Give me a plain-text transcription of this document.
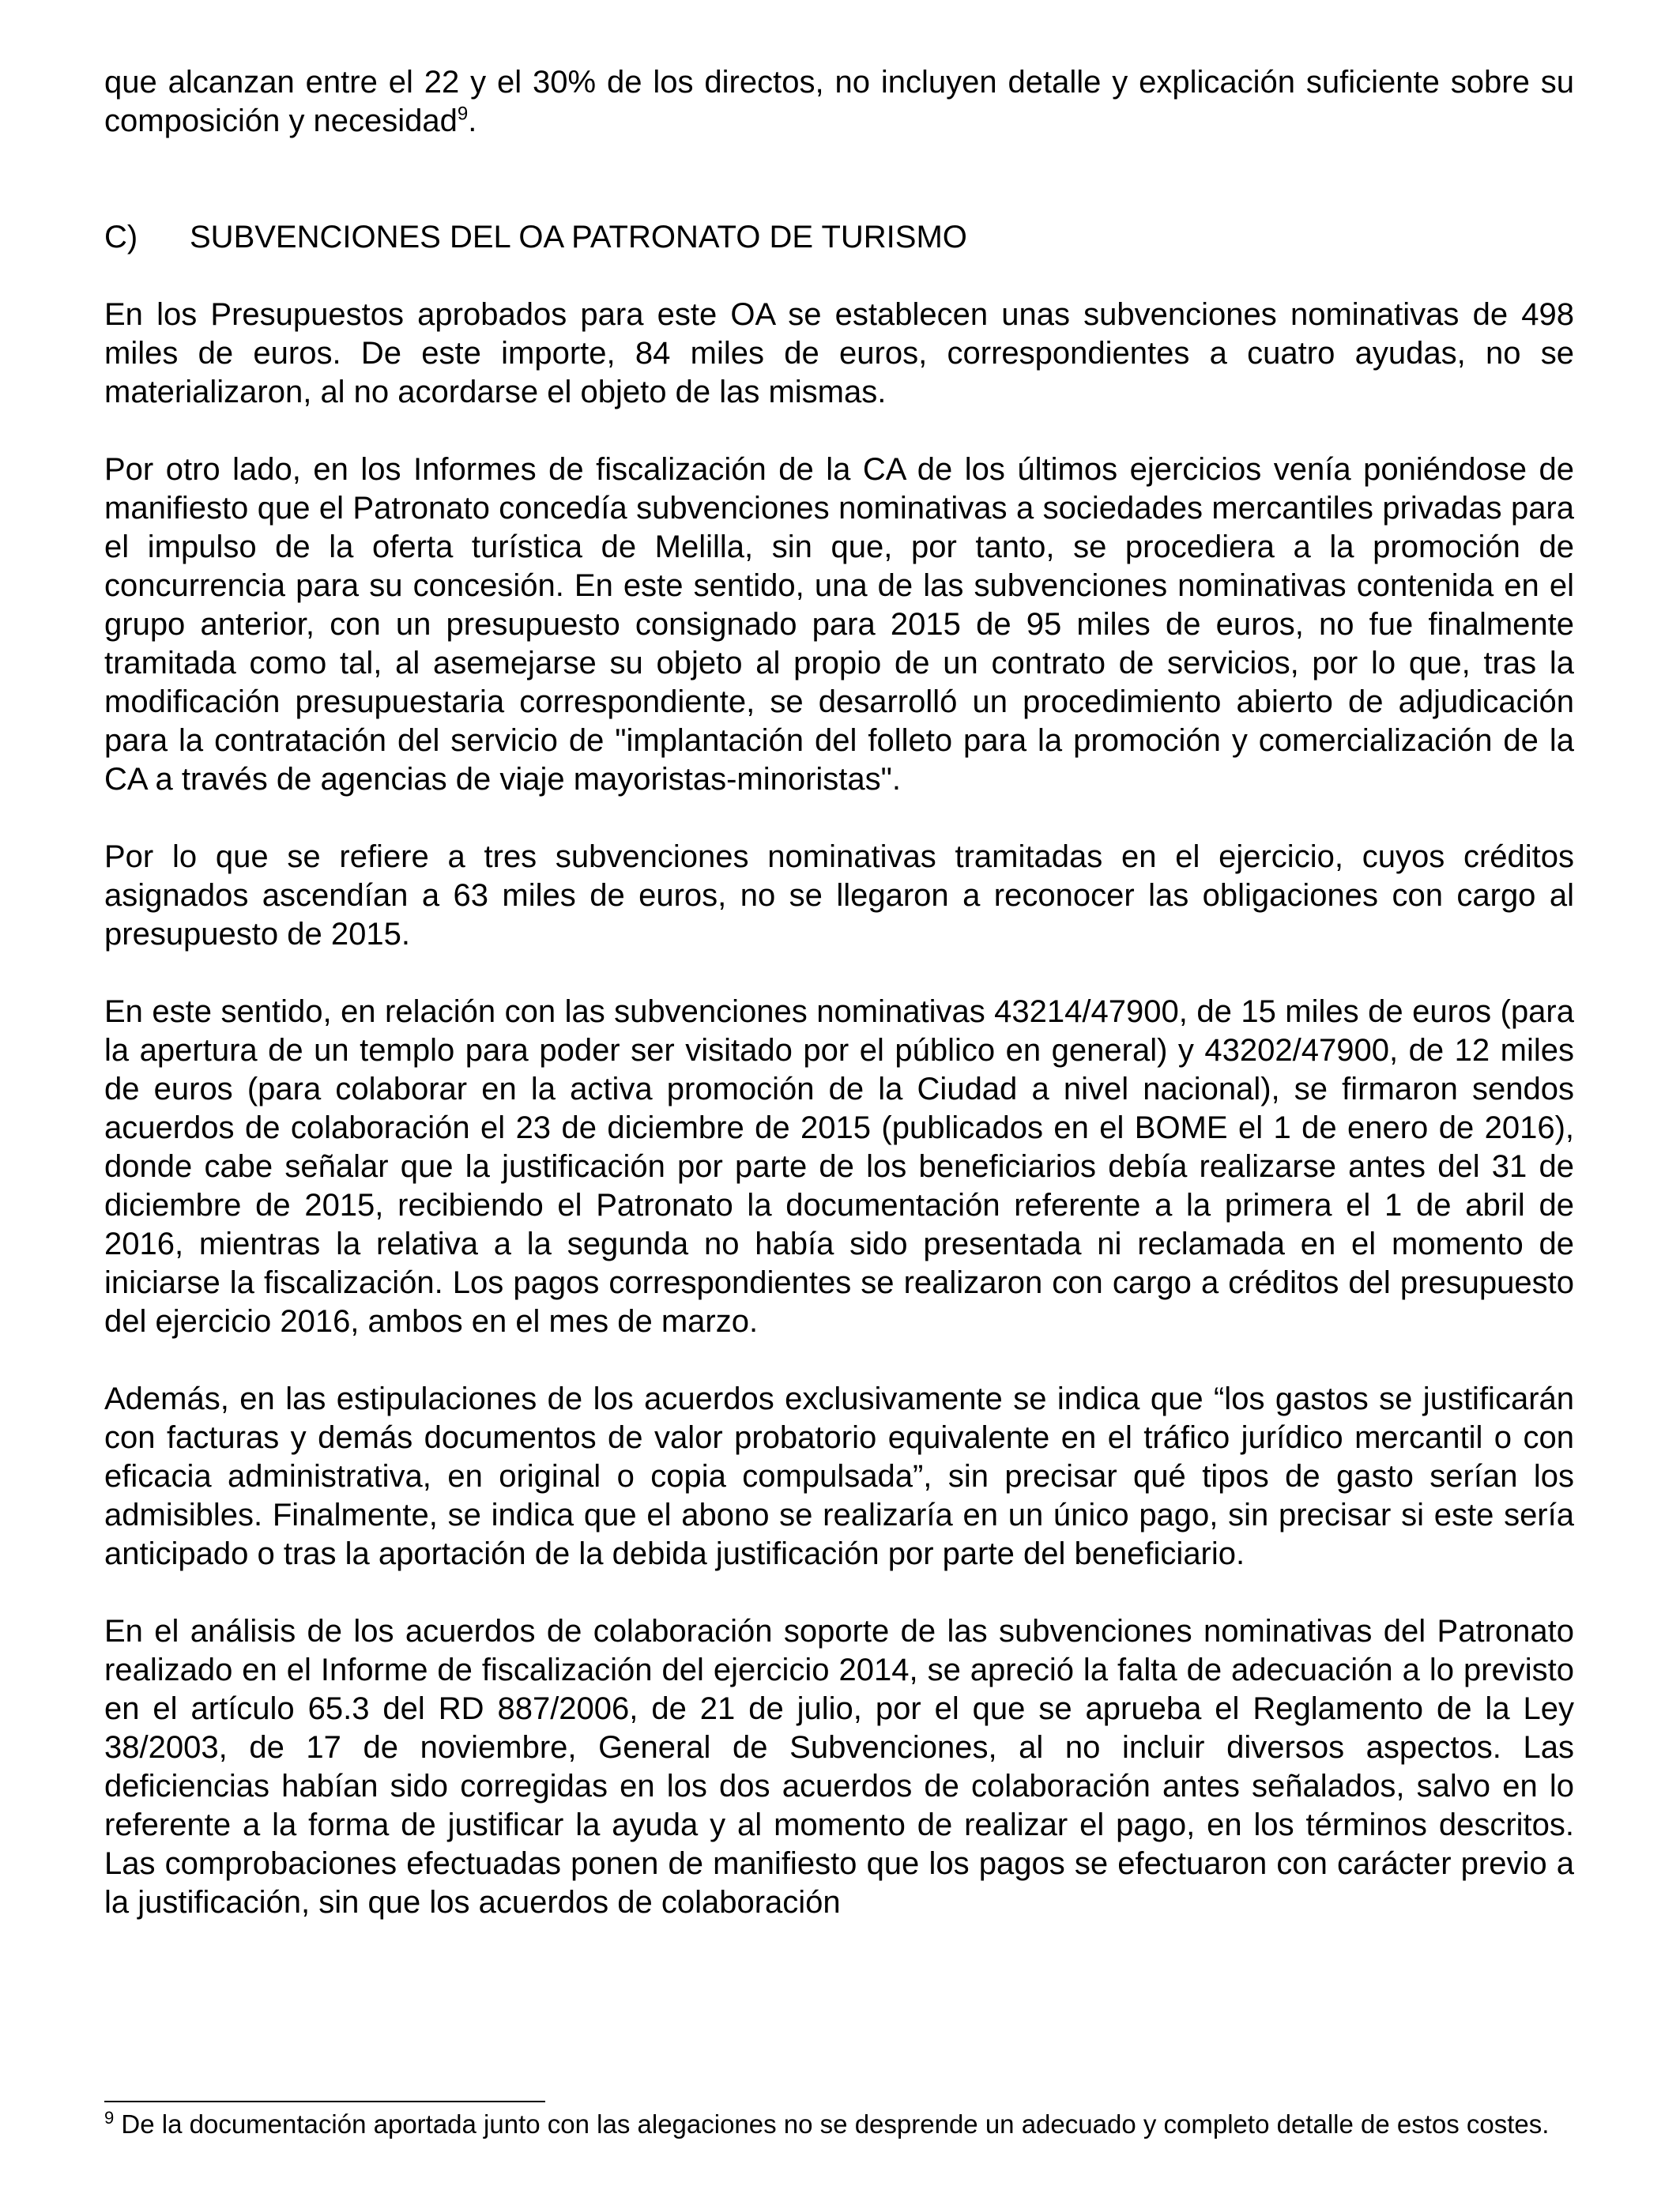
que alcanzan entre el 22 y el 30% de los directos, no incluyen detalle y explicación suficiente sobre su composición y necesidad$^9$.

C)	SUBVENCIONES DEL OA PATRONATO DE TURISMO

En los Presupuestos aprobados para este OA se establecen unas subvenciones nominativas de 498 miles de euros. De este importe, 84 miles de euros, correspondientes a cuatro ayudas, no se materializaron, al no acordarse el objeto de las mismas.

Por otro lado, en los Informes de fiscalización de la CA de los últimos ejercicios venía poniéndose de manifiesto que el Patronato concedía subvenciones nominativas a sociedades mercantiles privadas para el impulso de la oferta turística de Melilla, sin que, por tanto, se procediera a la promoción de concurrencia para su concesión. En este sentido, una de las subvenciones nominativas contenida en el grupo anterior, con un presupuesto consignado para 2015 de 95 miles de euros, no fue finalmente tramitada como tal, al asemejarse su objeto al propio de un contrato de servicios, por lo que, tras la modificación presupuestaria correspondiente, se desarrolló un procedimiento abierto de adjudicación para la contratación del servicio de "implantación del folleto para la promoción y comercialización de la CA a través de agencias de viaje mayoristas-minoristas".

Por lo que se refiere a tres subvenciones nominativas tramitadas en el ejercicio, cuyos créditos asignados ascendían a 63 miles de euros, no se llegaron a reconocer las obligaciones con cargo al presupuesto de 2015.

En este sentido, en relación con las subvenciones nominativas 43214/47900, de 15 miles de euros (para la apertura de un templo para poder ser visitado por el público en general) y 43202/47900, de 12 miles de euros (para colaborar en la activa promoción de la Ciudad a nivel nacional), se firmaron sendos acuerdos de colaboración el 23 de diciembre de 2015 (publicados en el BOME el 1 de enero de 2016), donde cabe señalar que la justificación por parte de los beneficiarios debía realizarse antes del 31 de diciembre de 2015, recibiendo el Patronato la documentación referente a la primera el 1 de abril de 2016, mientras la relativa a la segunda no había sido presentada ni reclamada en el momento de iniciarse la fiscalización. Los pagos correspondientes se realizaron con cargo a créditos del presupuesto del ejercicio 2016, ambos en el mes de marzo.

Además, en las estipulaciones de los acuerdos exclusivamente se indica que “los gastos se justificarán con facturas y demás documentos de valor probatorio equivalente en el tráfico jurídico mercantil o con eficacia administrativa, en original o copia compulsada”, sin precisar qué tipos de gasto serían los admisibles. Finalmente, se indica que el abono se realizaría en un único pago, sin precisar si este sería anticipado o tras la aportación de la debida justificación por parte del beneficiario.

En el análisis de los acuerdos de colaboración soporte de las subvenciones nominativas del Patronato realizado en el Informe de fiscalización del ejercicio 2014, se apreció la falta de adecuación a lo previsto en el artículo 65.3 del RD 887/2006, de 21 de julio, por el que se aprueba el Reglamento de la Ley 38/2003, de 17 de noviembre, General de Subvenciones, al no incluir diversos aspectos. Las deficiencias habían sido corregidas en los dos acuerdos de colaboración antes señalados, salvo en lo referente a la forma de justificar la ayuda y al momento de realizar el pago, en los términos descritos. Las comprobaciones efectuadas ponen de manifiesto que los pagos se efectuaron con carácter previo a la justificación, sin que los acuerdos de colaboración

$^9$ De la documentación aportada junto con las alegaciones no se desprende un adecuado y completo detalle de estos costes.
